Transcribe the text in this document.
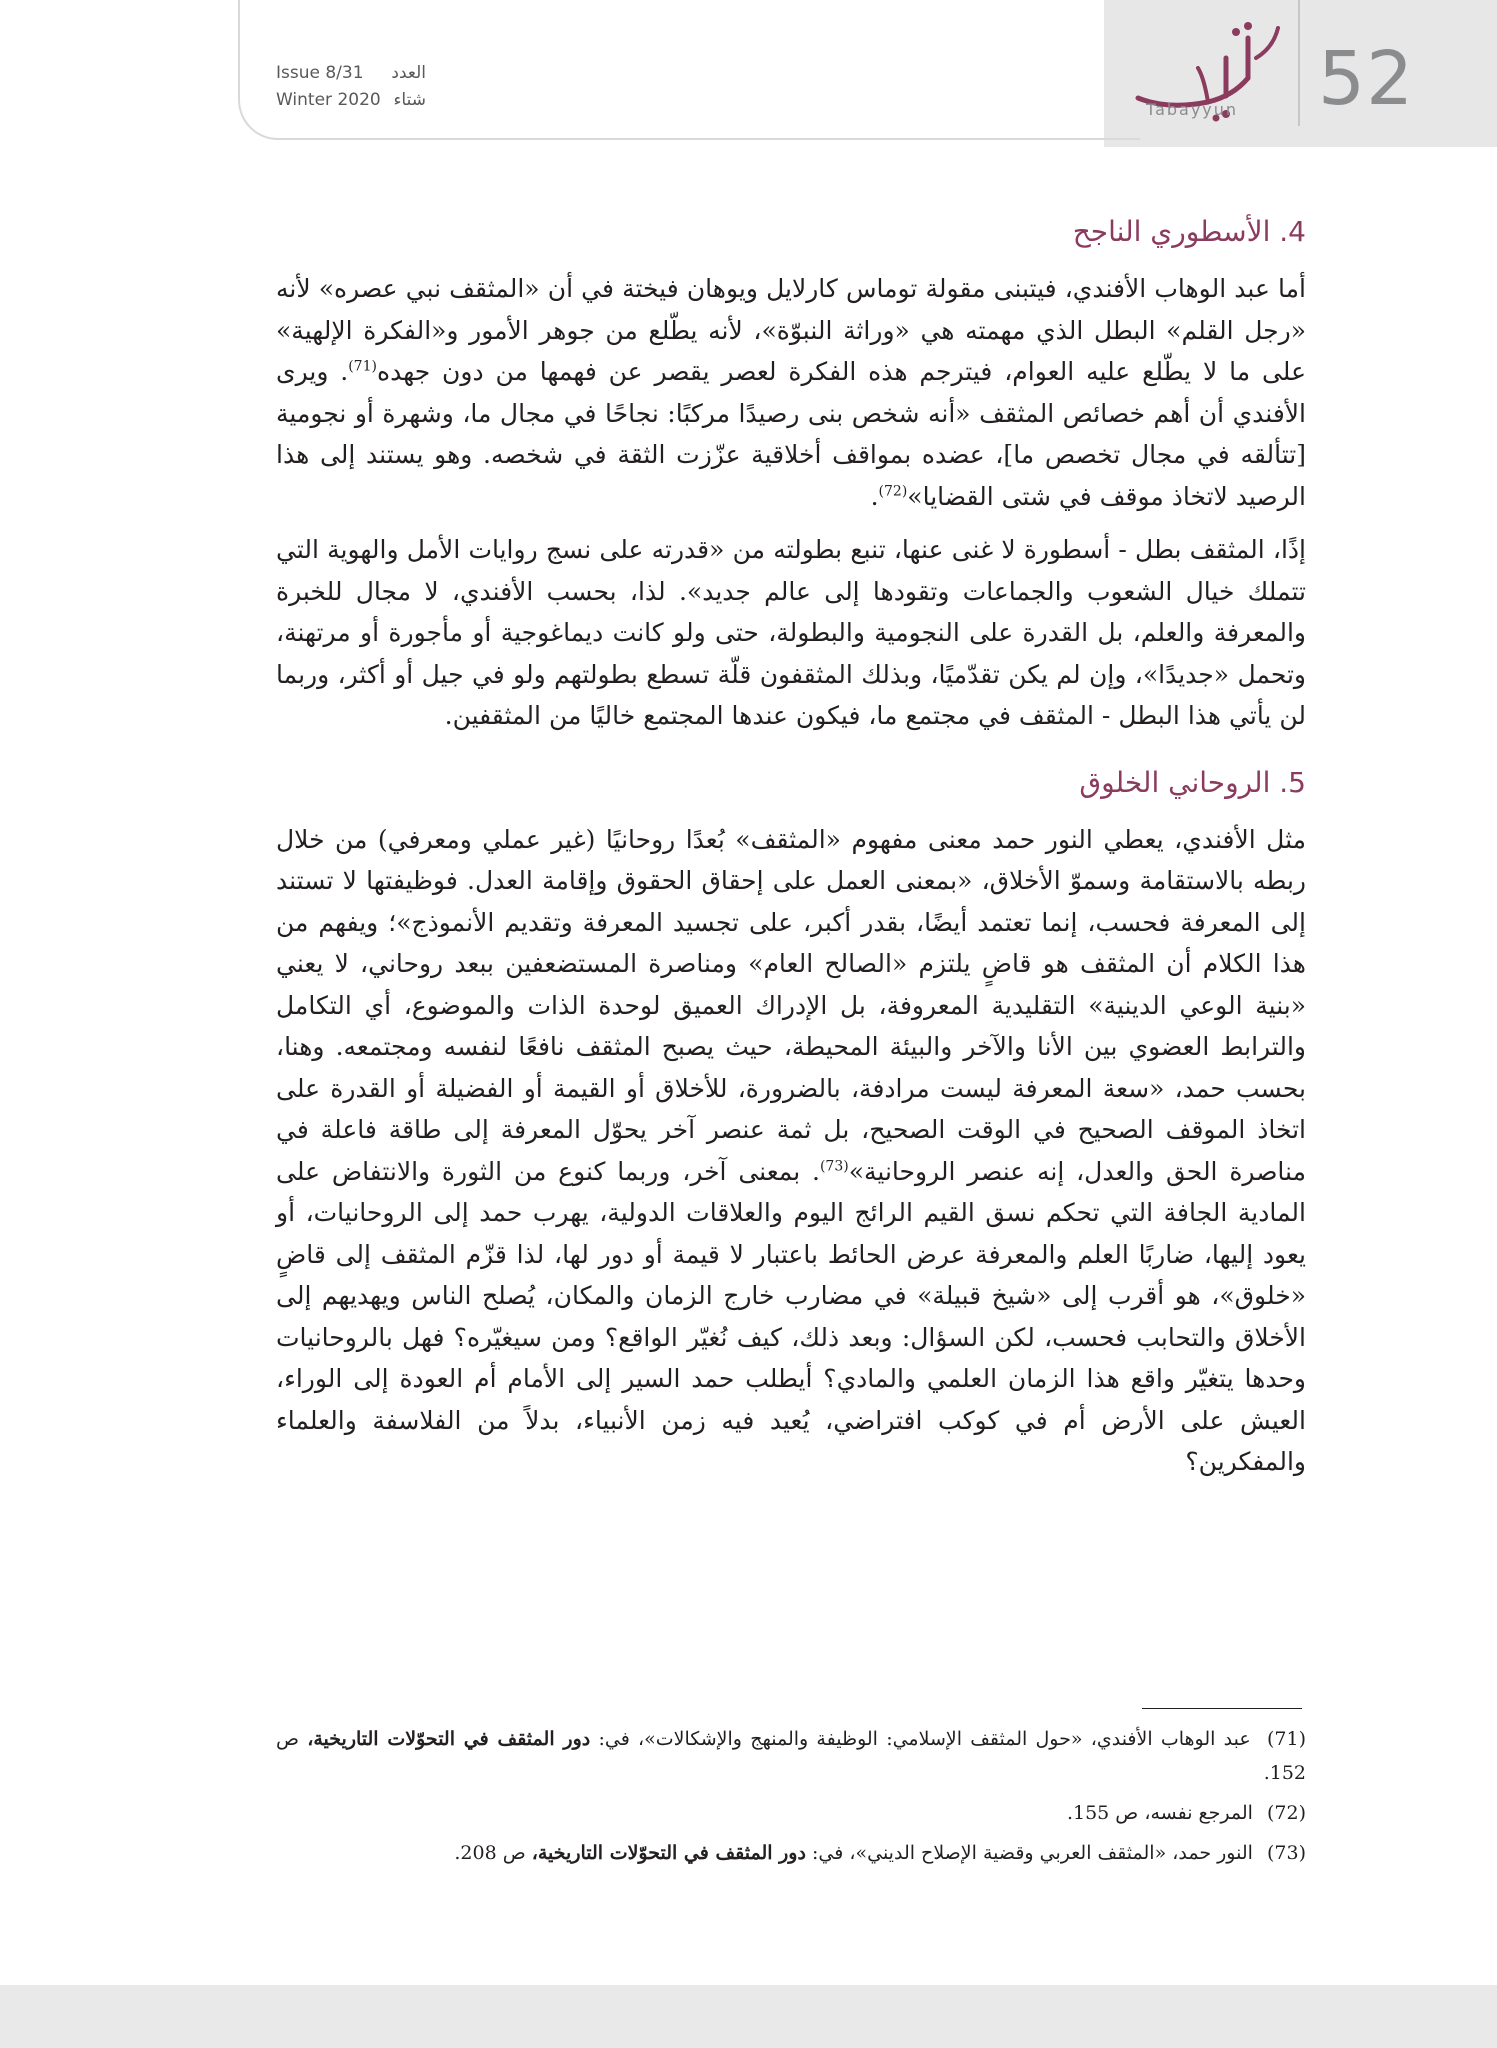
52
Tabayyun
Issue 8/31 العدد
Winter 2020 شتاء
4. الأسطوري الناجح

أما عبد الوهاب الأفندي، فيتبنى مقولة توماس كارلايل ويوهان فيختة في أن «المثقف نبي عصره» لأنه «رجل القلم» البطل الذي مهمته هي «وراثة النبوّة»، لأنه يطّلع من جوهر الأمور و«الفكرة الإلهية» على ما لا يطّلع عليه العوام، فيترجم هذه الفكرة لعصر يقصر عن فهمها من دون جهده$^{(71)}$. ويرى الأفندي أن أهم خصائص المثقف «أنه شخص بنى رصيدًا مركبًا: نجاحًا في مجال ما، وشهرة أو نجومية [تتألقه في مجال تخصص ما]، عضده بمواقف أخلاقية عزّزت الثقة في شخصه. وهو يستند إلى هذا الرصيد لاتخاذ موقف في شتى القضايا»$^{(72)}$.

إذًا، المثقف بطل - أسطورة لا غنى عنها، تنبع بطولته من «قدرته على نسج روايات الأمل والهوية التي تتملك خيال الشعوب والجماعات وتقودها إلى عالم جديد». لذا، بحسب الأفندي، لا مجال للخبرة والمعرفة والعلم، بل القدرة على النجومية والبطولة، حتى ولو كانت ديماغوجية أو مأجورة أو مرتهنة، وتحمل «جديدًا»، وإن لم يكن تقدّميًا، وبذلك المثقفون قلّة تسطع بطولتهم ولو في جيل أو أكثر، وربما لن يأتي هذا البطل - المثقف في مجتمع ما، فيكون عندها المجتمع خاليًا من المثقفين.

5. الروحاني الخلوق

مثل الأفندي، يعطي النور حمد معنى مفهوم «المثقف» بُعدًا روحانيًا (غير عملي ومعرفي) من خلال ربطه بالاستقامة وسموّ الأخلاق، «بمعنى العمل على إحقاق الحقوق وإقامة العدل. فوظيفتها لا تستند إلى المعرفة فحسب، إنما تعتمد أيضًا، بقدر أكبر، على تجسيد المعرفة وتقديم الأنموذج»؛ ويفهم من هذا الكلام أن المثقف هو قاضٍ يلتزم «الصالح العام» ومناصرة المستضعفين ببعد روحاني، لا يعني «بنية الوعي الدينية» التقليدية المعروفة، بل الإدراك العميق لوحدة الذات والموضوع، أي التكامل والترابط العضوي بين الأنا والآخر والبيئة المحيطة، حيث يصبح المثقف نافعًا لنفسه ومجتمعه. وهنا، بحسب حمد، «سعة المعرفة ليست مرادفة، بالضرورة، للأخلاق أو القيمة أو الفضيلة أو القدرة على اتخاذ الموقف الصحيح في الوقت الصحيح، بل ثمة عنصر آخر يحوّل المعرفة إلى طاقة فاعلة في مناصرة الحق والعدل، إنه عنصر الروحانية»$^{(73)}$. بمعنى آخر، وربما كنوع من الثورة والانتفاض على المادية الجافة التي تحكم نسق القيم الرائج اليوم والعلاقات الدولية، يهرب حمد إلى الروحانيات، أو يعود إليها، ضاربًا العلم والمعرفة عرض الحائط باعتبار لا قيمة أو دور لها، لذا قزّم المثقف إلى قاضٍ «خلوق»، هو أقرب إلى «شيخ قبيلة» في مضارب خارج الزمان والمكان، يُصلح الناس ويهديهم إلى الأخلاق والتحابب فحسب، لكن السؤال: وبعد ذلك، كيف نُغيّر الواقع؟ ومن سيغيّره؟ فهل بالروحانيات وحدها يتغيّر واقع هذا الزمان العلمي والمادي؟ أيطلب حمد السير إلى الأمام أم العودة إلى الوراء، العيش على الأرض أم في كوكب افتراضي، يُعيد فيه زمن الأنبياء، بدلاً من الفلاسفة والعلماء والمفكرين؟

(71) عبد الوهاب الأفندي، «حول المثقف الإسلامي: الوظيفة والمنهج والإشكالات»، في: دور المثقف في التحوّلات التاريخية، ص 152.

(72) المرجع نفسه، ص 155.

(73) النور حمد، «المثقف العربي وقضية الإصلاح الديني»، في: دور المثقف في التحوّلات التاريخية، ص 208.
